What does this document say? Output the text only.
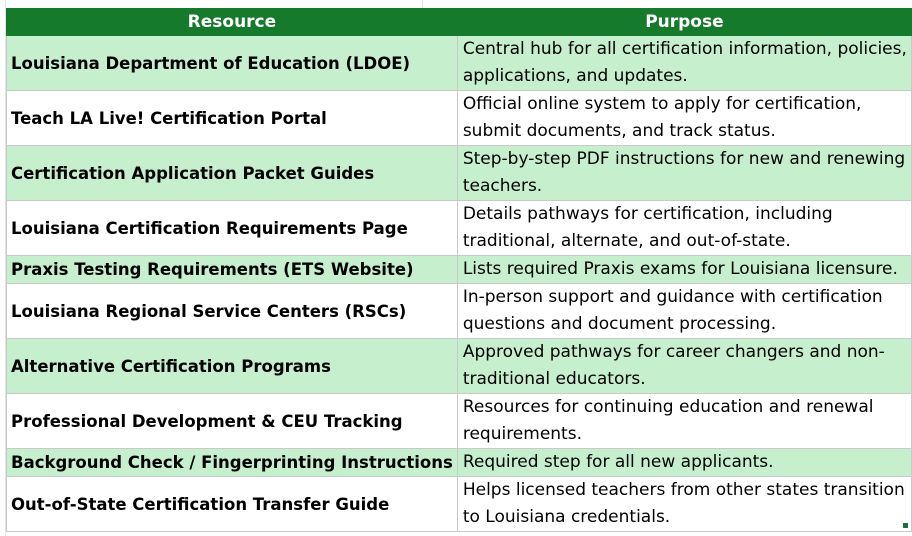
Resource	Purpose
Louisiana Department of Education (LDOE)	Central hub for all certification information, policies, applications, and updates.
Teach LA Live! Certification Portal	Official online system to apply for certification, submit documents, and track status.
Certification Application Packet Guides	Step-by-step PDF instructions for new and renewing teachers.
Louisiana Certification Requirements Page	Details pathways for certification, including traditional, alternate, and out-of-state.
Praxis Testing Requirements (ETS Website)	Lists required Praxis exams for Louisiana licensure.
Louisiana Regional Service Centers (RSCs)	In-person support and guidance with certification questions and document processing.
Alternative Certification Programs	Approved pathways for career changers and non-traditional educators.
Professional Development & CEU Tracking	Resources for continuing education and renewal requirements.
Background Check / Fingerprinting Instructions	Required step for all new applicants.
Out-of-State Certification Transfer Guide	Helps licensed teachers from other states transition to Louisiana credentials.
